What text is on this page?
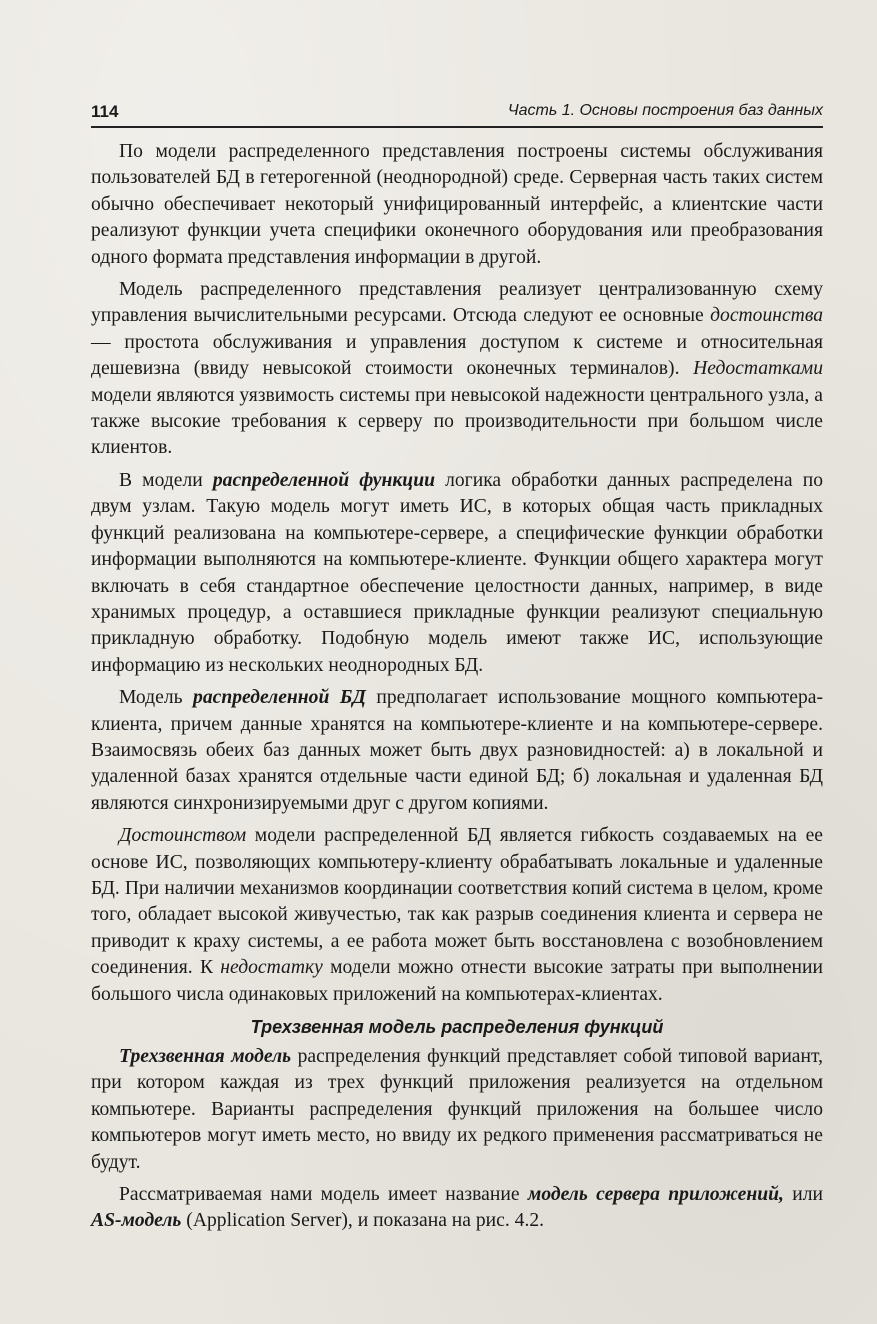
114	Часть 1. Основы построения баз данных

По модели распределенного представления построены системы обслуживания пользователей БД в гетерогенной (неоднородной) среде. Серверная часть таких систем обычно обеспечивает некоторый унифицированный интерфейс, а клиентские части реализуют функции учета специфики оконечного оборудования или преобразования одного формата представления информации в другой.

Модель распределенного представления реализует централизованную схему управления вычислительными ресурсами. Отсюда следуют ее основные достоинства — простота обслуживания и управления доступом к системе и относительная дешевизна (ввиду невысокой стоимости оконечных терминалов). Недостатками модели являются уязвимость системы при невысокой надежности центрального узла, а также высокие требования к серверу по производительности при большом числе клиентов.

В модели распределенной функции логика обработки данных распределена по двум узлам. Такую модель могут иметь ИС, в которых общая часть прикладных функций реализована на компьютере-сервере, а специфические функции обработки информации выполняются на компьютере-клиенте. Функции общего характера могут включать в себя стандартное обеспечение целостности данных, например, в виде хранимых процедур, а оставшиеся прикладные функции реализуют специальную прикладную обработку. Подобную модель имеют также ИС, использующие информацию из нескольких неоднородных БД.

Модель распределенной БД предполагает использование мощного компьютера-клиента, причем данные хранятся на компьютере-клиенте и на компьютере-сервере. Взаимосвязь обеих баз данных может быть двух разновидностей: а) в локальной и удаленной базах хранятся отдельные части единой БД; б) локальная и удаленная БД являются синхронизируемыми друг с другом копиями.

Достоинством модели распределенной БД является гибкость создаваемых на ее основе ИС, позволяющих компьютеру-клиенту обрабатывать локальные и удаленные БД. При наличии механизмов координации соответствия копий система в целом, кроме того, обладает высокой живучестью, так как разрыв соединения клиента и сервера не приводит к краху системы, а ее работа может быть восстановлена с возобновлением соединения. К недостатку модели можно отнести высокие затраты при выполнении большого числа одинаковых приложений на компьютерах-клиентах.

Трехзвенная модель распределения функций

Трехзвенная модель распределения функций представляет собой типовой вариант, при котором каждая из трех функций приложения реализуется на отдельном компьютере. Варианты распределения функций приложения на большее число компьютеров могут иметь место, но ввиду их редкого применения рассматриваться не будут.

Рассматриваемая нами модель имеет название модель сервера приложений, или AS-модель (Application Server), и показана на рис. 4.2.
